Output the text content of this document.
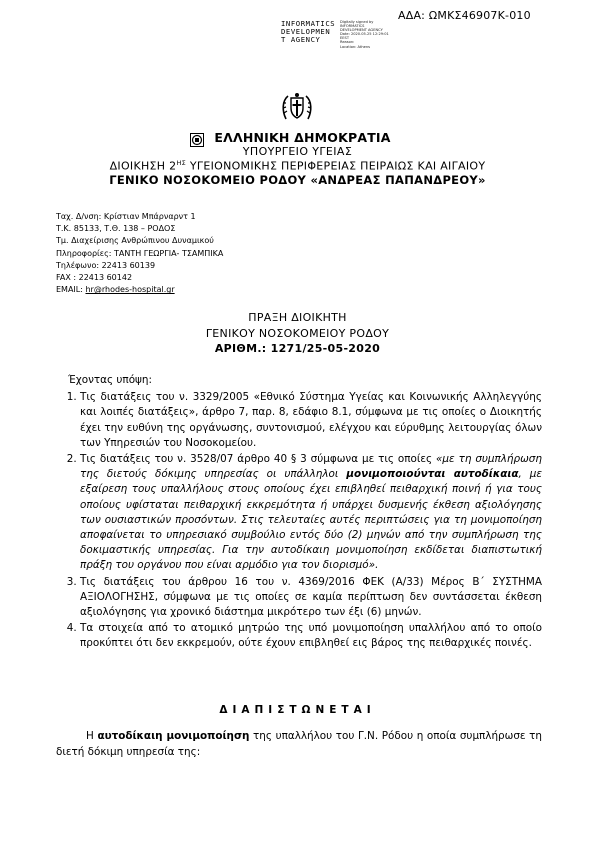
ΑΔΑ: ΩΜΚΣ46907Κ-010
INFORMATICS
DEVELOPMEN
T AGENCY
Digitally signed by
INFORMATICS
DEVELOPMENT AGENCY
Date: 2020.05.25 12:29:01
EEST
Reason:
Location: Athens
ΕΛΛΗΝΙΚΗ ΔΗΜΟΚΡΑΤΙΑ
ΥΠΟΥΡΓΕΙΟ ΥΓΕΙΑΣ
ΔΙΟΙΚΗΣΗ $2^{H\Sigma}$ ΥΓΕΙΟΝΟΜΙΚΗΣ ΠΕΡΙΦΕΡΕΙΑΣ ΠΕΙΡΑΙΩΣ ΚΑΙ ΑΙΓΑΙΟΥ
ΓΕΝΙΚΟ ΝΟΣΟΚΟΜΕΙΟ ΡΟΔΟΥ «ΑΝΔΡΕΑΣ ΠΑΠΑΝΔΡΕΟΥ»
Ταχ. Δ/νση: Κρίστιαν Μπάρναρντ 1
Τ.Κ. 85133, Τ.Θ. 138 – ΡΟΔΟΣ
Τμ. Διαχείρισης Ανθρώπινου Δυναμικού
Πληροφορίες: ΤΑΝΤΗ ΓΕΩΡΓΙΑ- ΤΣΑΜΠΙΚΑ
Τηλέφωνο: 22413 60139
FAX : 22413 60142
EMAIL: hr@rhodes-hospital.gr
ΠΡΑΞΗ ΔΙΟΙΚΗΤΗ
ΓΕΝΙΚΟΥ ΝΟΣΟΚΟΜΕΙΟΥ ΡΟΔΟΥ
ΑΡΙΘΜ.: 1271/25-05-2020
Έχοντας υπόψη:
1. Τις διατάξεις του ν. 3329/2005 «Εθνικό Σύστημα Υγείας και Κοινωνικής Αλληλεγγύης και λοιπές διατάξεις», άρθρο 7, παρ. 8, εδάφιο 8.1, σύμφωνα με τις οποίες ο Διοικητής έχει την ευθύνη της οργάνωσης, συντονισμού, ελέγχου και εύρυθμης λειτουργίας όλων των Υπηρεσιών του Νοσοκομείου.
2. Τις διατάξεις του ν. 3528/07 άρθρο 40 § 3 σύμφωνα με τις οποίες «με τη συμπλήρωση της διετούς δόκιμης υπηρεσίας οι υπάλληλοι μονιμοποιούνται αυτοδίκαια, με εξαίρεση τους υπαλλήλους στους οποίους έχει επιβληθεί πειθαρχική ποινή ή για τους οποίους υφίσταται πειθαρχική εκκρεμότητα ή υπάρχει δυσμενής έκθεση αξιολόγησης των ουσιαστικών προσόντων. Στις τελευταίες αυτές περιπτώσεις για τη μονιμοποίηση αποφαίνεται το υπηρεσιακό συμβούλιο εντός δύο (2) μηνών από την συμπλήρωση της δοκιμαστικής υπηρεσίας. Για την αυτοδίκαιη μονιμοποίηση εκδίδεται διαπιστωτική πράξη του οργάνου που είναι αρμόδιο για τον διορισμό».
3. Τις διατάξεις του άρθρου 16 του ν. 4369/2016 ΦΕΚ (Α/33) Μέρος Β΄ ΣΥΣΤΗΜΑ ΑΞΙΟΛΟΓΗΣΗΣ, σύμφωνα με τις οποίες σε καμία περίπτωση δεν συντάσσεται έκθεση αξιολόγησης για χρονικό διάστημα μικρότερο των έξι (6) μηνών.
4. Τα στοιχεία από το ατομικό μητρώο της υπό μονιμοποίηση υπαλλήλου από το οποίο προκύπτει ότι δεν εκκρεμούν, ούτε έχουν επιβληθεί εις βάρος της πειθαρχικές ποινές.
ΔΙΑΠΙΣΤΩΝΕΤΑΙ
Η αυτοδίκαιη μονιμοποίηση της υπαλλήλου του Γ.Ν. Ρόδου η οποία συμπλήρωσε τη διετή δόκιμη υπηρεσία της:
